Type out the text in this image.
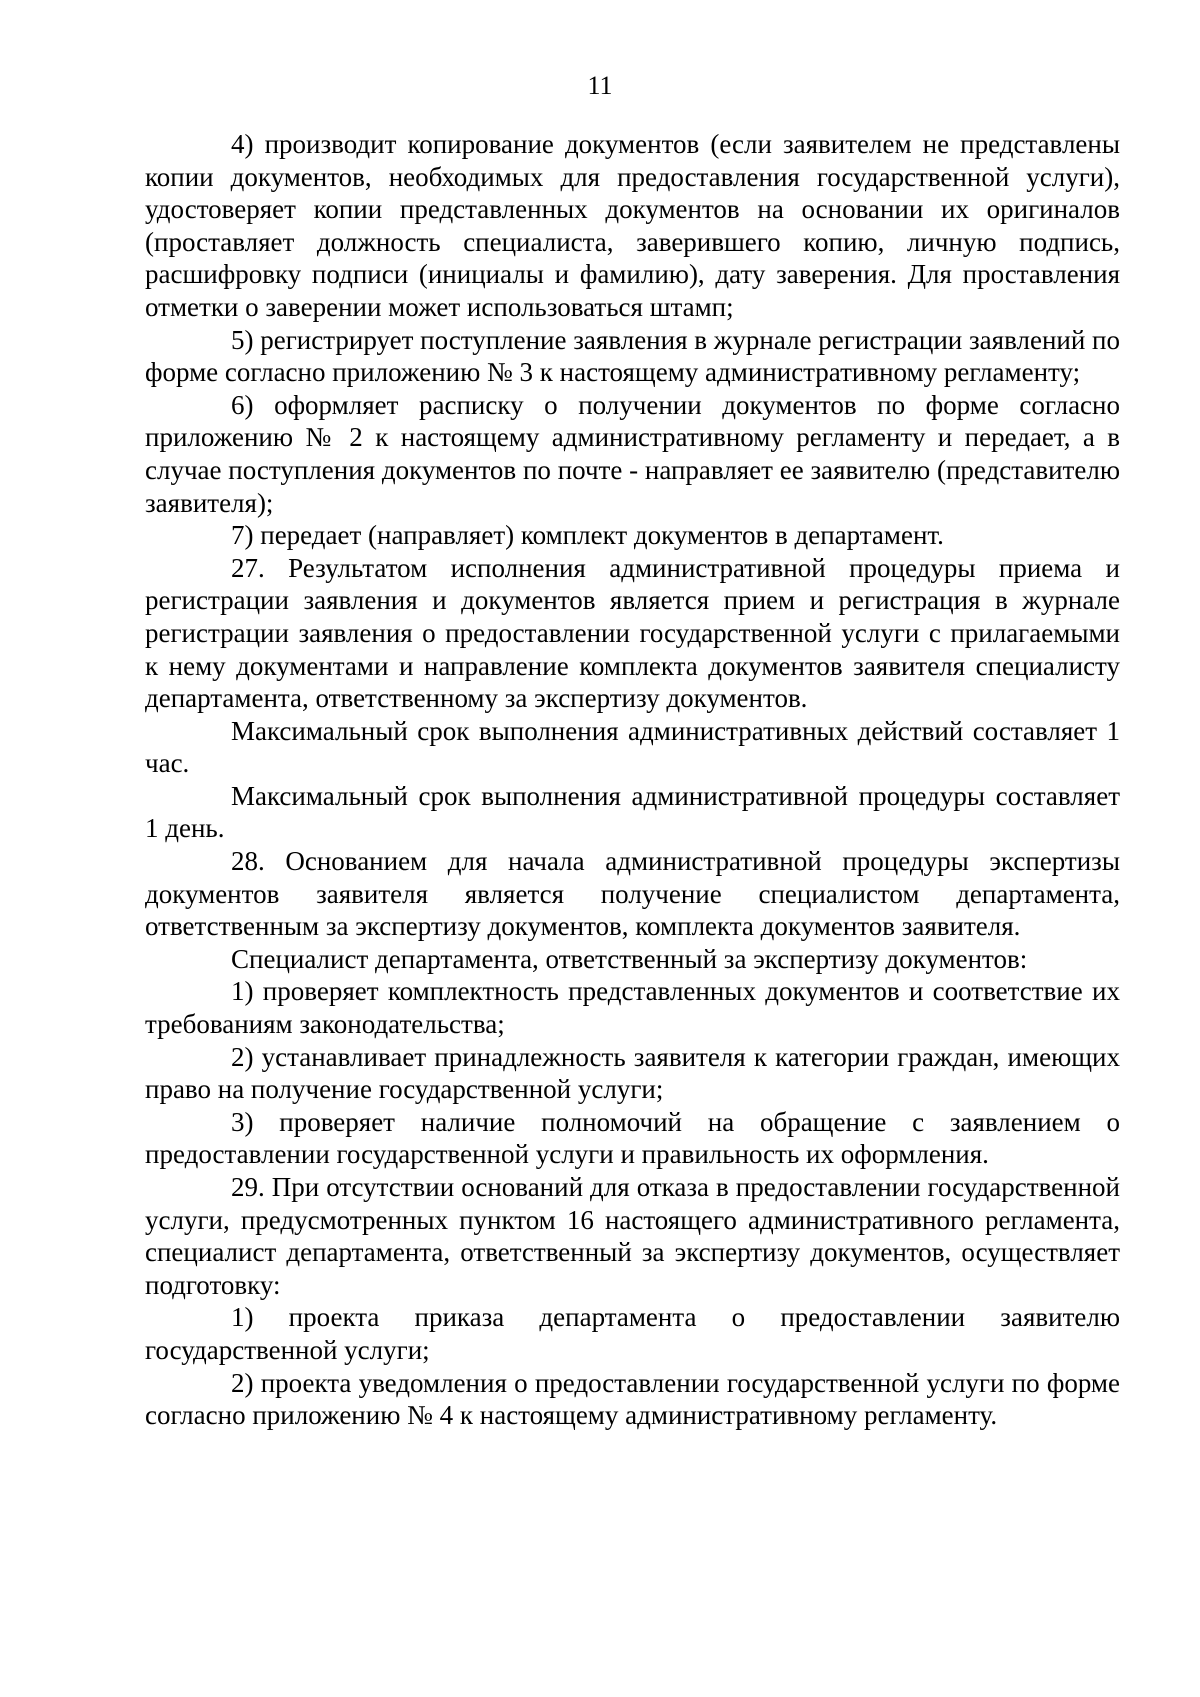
11

4) производит копирование документов (если заявителем не представлены копии документов, необходимых для предоставления государственной услуги), удостоверяет копии представленных документов на основании их оригиналов (проставляет должность специалиста, заверившего копию, личную подпись, расшифровку подписи (инициалы и фамилию), дату заверения. Для проставления отметки о заверении может использоваться штамп;

5) регистрирует поступление заявления в журнале регистрации заявлений по форме согласно приложению № 3 к настоящему административному регламенту;

6) оформляет расписку о получении документов по форме согласно приложению № 2 к настоящему административному регламенту и передает, а в случае поступления документов по почте - направляет ее заявителю (представителю заявителя);

7) передает (направляет) комплект документов в департамент.

27. Результатом исполнения административной процедуры приема и регистрации заявления и документов является прием и регистрация в журнале регистрации заявления о предоставлении государственной услуги с прилагаемыми к нему документами и направление комплекта документов заявителя специалисту департамента, ответственному за экспертизу документов.

Максимальный срок выполнения административных действий составляет 1 час.

Максимальный срок выполнения административной процедуры составляет 1 день.

28. Основанием для начала административной процедуры экспертизы документов заявителя является получение специалистом департамента, ответственным за экспертизу документов, комплекта документов заявителя.

Специалист департамента, ответственный за экспертизу документов:

1) проверяет комплектность представленных документов и соответствие их требованиям законодательства;

2) устанавливает принадлежность заявителя к категории граждан, имеющих право на получение государственной услуги;

3) проверяет наличие полномочий на обращение с заявлением о предоставлении государственной услуги и правильность их оформления.

29. При отсутствии оснований для отказа в предоставлении государственной услуги, предусмотренных пунктом 16 настоящего административного регламента, специалист департамента, ответственный за экспертизу документов, осуществляет подготовку:

1) проекта приказа департамента о предоставлении заявителю государственной услуги;

2) проекта уведомления о предоставлении государственной услуги по форме согласно приложению № 4 к настоящему административному регламенту.
